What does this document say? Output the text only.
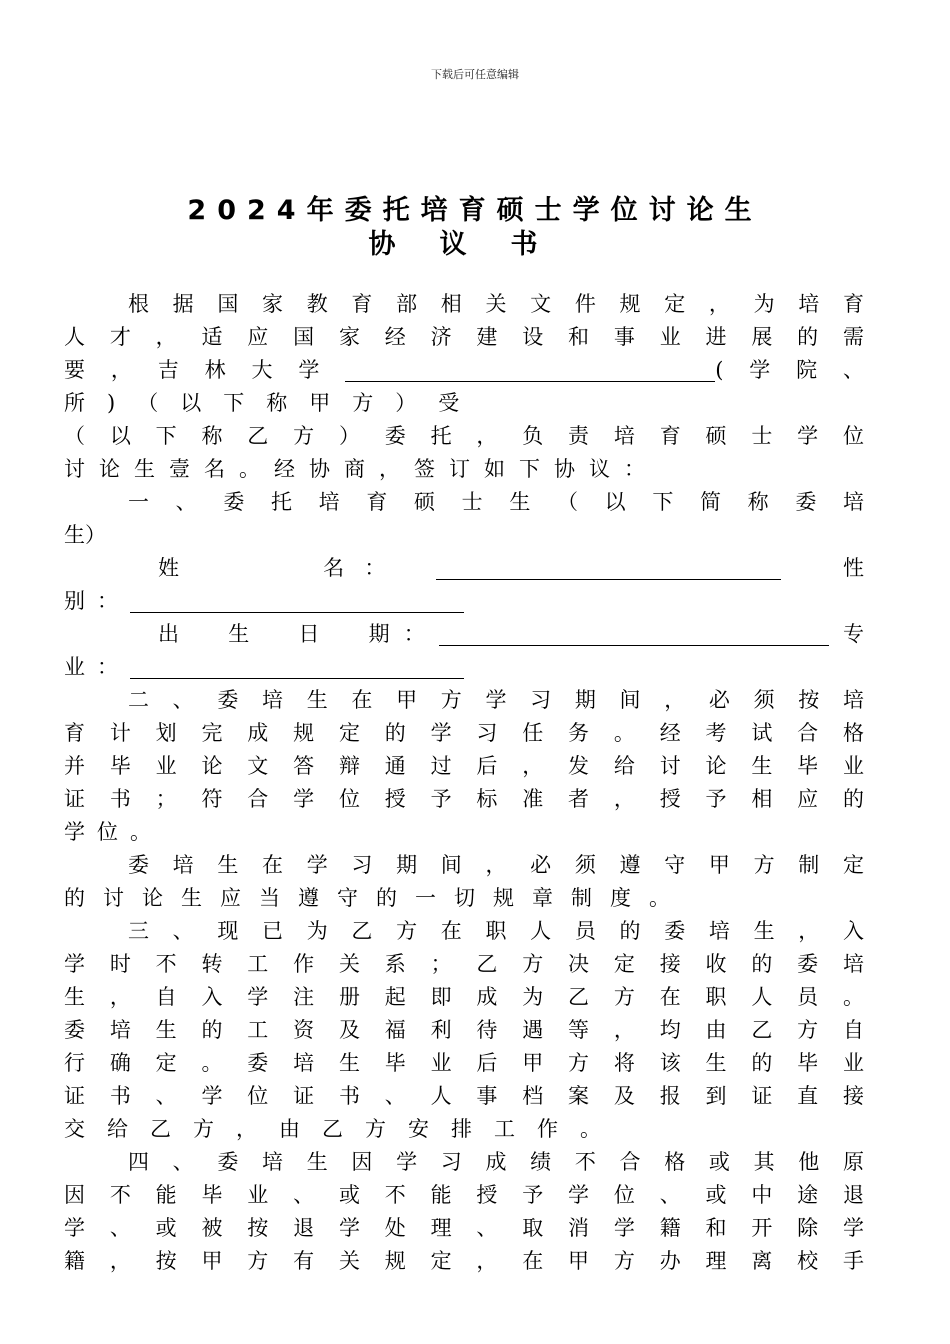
下载后可任意编辑
2024年委托培育硕士学位讨论生
协议书

根据国家教育部相关文件规定，为培育

人才，适应国家经济建设和事业进展的需

要，吉林大学	(学院、

所)（以下称甲方）受

（以下称乙方）委托，负责培育硕士学位

讨论生壹名。经协商，签订如下协议：

一、委托培育硕士生（以下简称委培

生）

姓　　　名：　　	性

别：

出　生　日　期：	专

业：

二、委培生在甲方学习期间，必须按培

育计划完成规定的学习任务。经考试合格

并毕业论文答辩通过后，发给讨论生毕业

证书；符合学位授予标准者，授予相应的

学位。

委培生在学习期间，必须遵守甲方制定

的讨论生应当遵守的一切规章制度。

三、现已为乙方在职人员的委培生，入

学时不转工作关系；乙方决定接收的委培

生，自入学注册起即成为乙方在职人员。

委培生的工资及福利待遇等，均由乙方自

行确定。委培生毕业后甲方将该生的毕业

证书、学位证书、人事档案及报到证直接

交给乙方，由乙方安排工作。

四、委培生因学习成绩不合格或其他原

因不能毕业、或不能授予学位、或中途退

学、或被按退学处理、取消学籍和开除学

籍，按甲方有关规定，在甲方办理离校手
